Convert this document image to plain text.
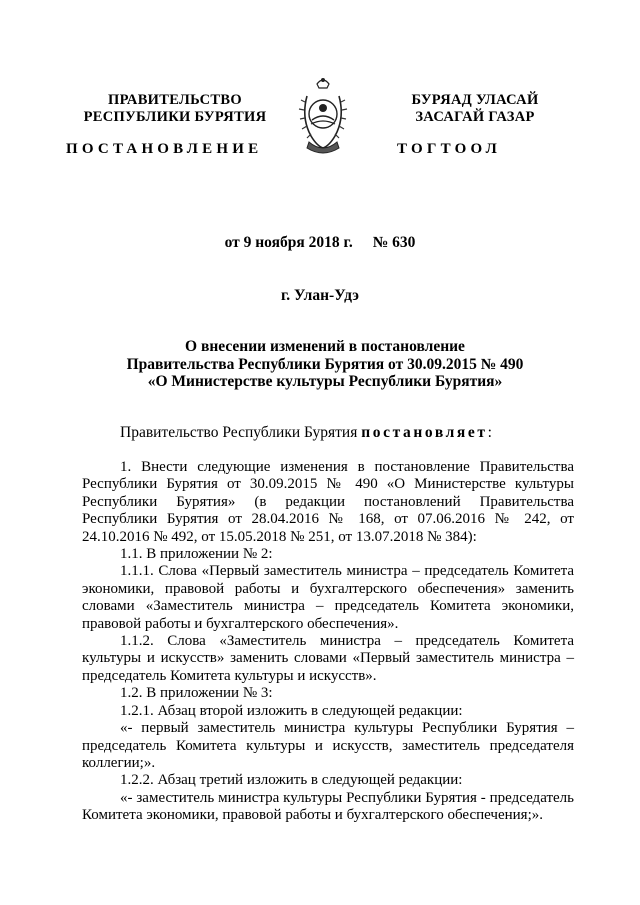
ПРАВИТЕЛЬСТВО
РЕСПУБЛИКИ БУРЯТИЯ
БУРЯАД УЛАСАЙ
ЗАСАГАЙ ГАЗАР
ПОСТАНОВЛЕНИЕ	ТОГТООЛ
от 9 ноября 2018 г. № 630
г. Улан-Удэ
О внесении изменений в постановление
Правительства Республики Бурятия от 30.09.2015 № 490
«О Министерстве культуры Республики Бурятия»
Правительство Республики Бурятия постановляет:

1. Внести следующие изменения в постановление Правительства Республики Бурятия от 30.09.2015 № 490 «О Министерстве культуры Республики Бурятия» (в редакции постановлений Правительства Республики Бурятия от 28.04.2016 № 168, от 07.06.2016 № 242, от 24.10.2016 № 492, от 15.05.2018 № 251, от 13.07.2018 № 384):

1.1. В приложении № 2:

1.1.1. Слова «Первый заместитель министра – председатель Комитета экономики, правовой работы и бухгалтерского обеспечения» заменить словами «Заместитель министра – председатель Комитета экономики, правовой работы и бухгалтерского обеспечения».

1.1.2. Слова «Заместитель министра – председатель Комитета культуры и искусств» заменить словами «Первый заместитель министра – председатель Комитета культуры и искусств».

1.2. В приложении № 3:

1.2.1. Абзац второй изложить в следующей редакции:

«- первый заместитель министра культуры Республики Бурятия – председатель Комитета культуры и искусств, заместитель председателя коллегии;».

1.2.2. Абзац третий изложить в следующей редакции:

«- заместитель министра культуры Республики Бурятия - председатель Комитета экономики, правовой работы и бухгалтерского обеспечения;».
